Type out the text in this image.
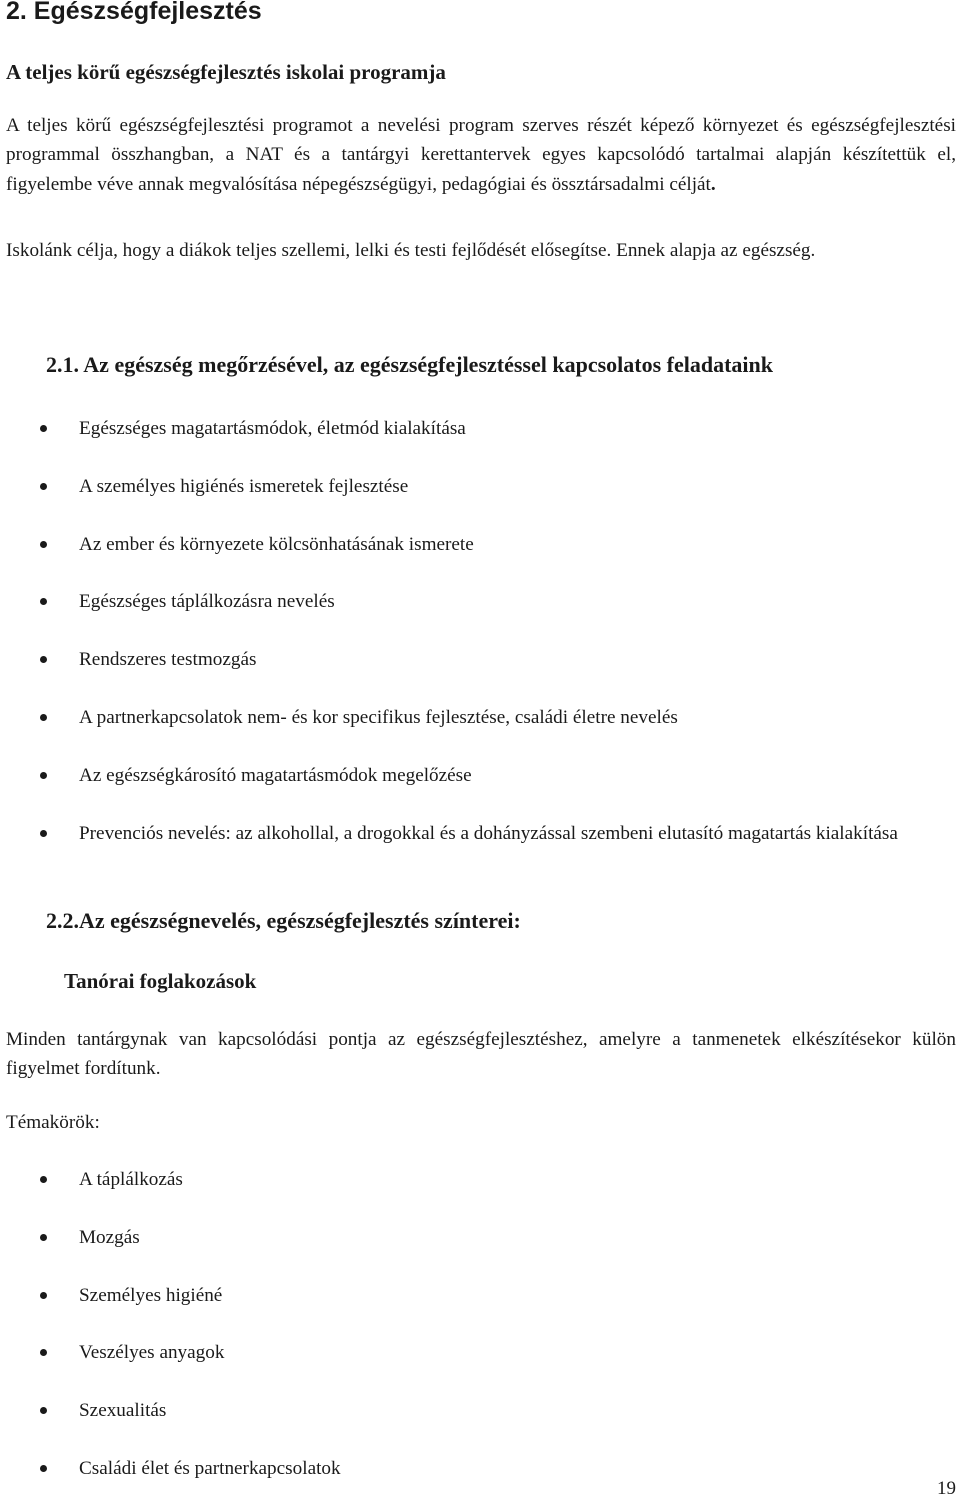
2. Egészségfejlesztés
A teljes körű egészségfejlesztés iskolai programja
A teljes körű egészségfejlesztési programot a nevelési program szerves részét képező környezet és egészségfejlesztési programmal összhangban, a NAT és a tantárgyi kerettantervek egyes kapcsolódó tartalmai alapján készítettük el, figyelembe véve annak megvalósítása népegészségügyi, pedagógiai és össztársadalmi célját.
Iskolánk célja, hogy a diákok teljes szellemi, lelki és testi fejlődését elősegítse. Ennek alapja az egészség.
2.1. Az egészség megőrzésével, az egészségfejlesztéssel kapcsolatos feladataink
Egészséges magatartásmódok, életmód kialakítása
A személyes higiénés ismeretek fejlesztése
Az ember és környezete kölcsönhatásának ismerete
Egészséges táplálkozásra nevelés
Rendszeres testmozgás
A partnerkapcsolatok nem- és kor specifikus fejlesztése, családi életre nevelés
Az egészségkárosító magatartásmódok megelőzése
Prevenciós nevelés: az alkohollal, a drogokkal és a dohányzással szembeni elutasító magatartás kialakítása
2.2.Az egészségnevelés, egészségfejlesztés színterei:
Tanórai foglakozások
Minden tantárgynak van kapcsolódási pontja az egészségfejlesztéshez, amelyre a tanmenetek elkészítésekor külön figyelmet fordítunk.
Témakörök:
A táplálkozás
Mozgás
Személyes higiéné
Veszélyes anyagok
Szexualitás
Családi élet és partnerkapcsolatok
19
